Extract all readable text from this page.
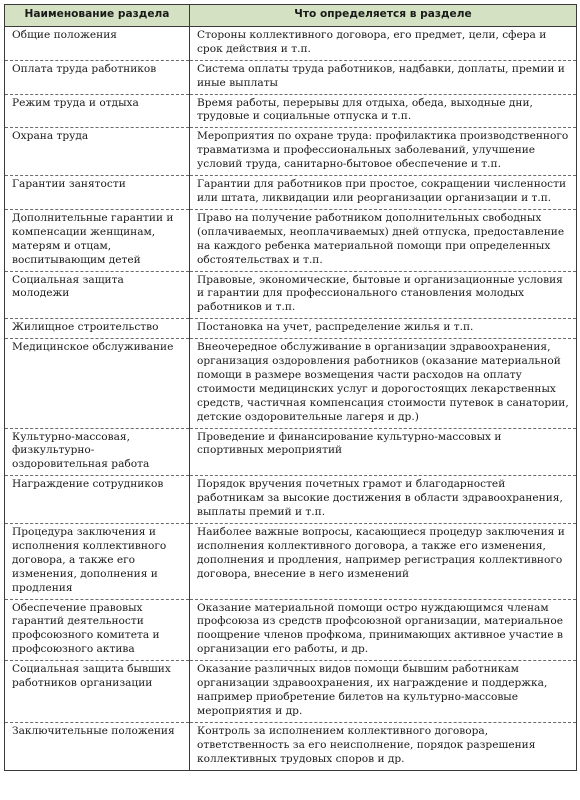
Наименование раздела	Что определяется в разделе
Общие положения	Стороны коллективного договора, его предмет, цели, сфера и срок действия и т.п.
Оплата труда работников	Система оплаты труда работников, надбавки, доплаты, премии и иные выплаты
Режим труда и отдыха	Время работы, перерывы для отдыха, обеда, выходные дни, трудовые и социальные отпуска и т.п.
Охрана труда	Мероприятия по охране труда: профилактика производственного травматизма и профессиональных заболеваний, улучшение условий труда, санитарно-бытовое обеспечение и т.п.
Гарантии занятости	Гарантии для работников при простое, сокращении численности или штата, ликвидации или реорганизации организации и т.п.
Дополнительные гарантии и компенсации женщинам, матерям и отцам, воспитывающим детей	Право на получение работником дополнительных свободных (оплачиваемых, неоплачиваемых) дней отпуска, предоставление на каждого ребенка материальной помощи при определенных обстоятельствах и т.п.
Социальная защита молодежи	Правовые, экономические, бытовые и организационные условия и гарантии для профессионального становления молодых работников и т.п.
Жилищное строительство	Постановка на учет, распределение жилья и т.п.
Медицинское обслуживание	Внеочередное обслуживание в организации здравоохранения, организация оздоровления работников (оказание материальной помощи в размере возмещения части расходов на оплату стоимости медицинских услуг и дорогостоящих лекарственных средств, частичная компенсация стоимости путевок в санатории, детские оздоровительные лагеря и др.)
Культурно-массовая, физкультурно-оздоровительная работа	Проведение и финансирование культурно-массовых и спортивных мероприятий
Награждение сотрудников	Порядок вручения почетных грамот и благодарностей работникам за высокие достижения в области здравоохранения, выплаты премий и т.п.
Процедура заключения и исполнения коллективного договора, а также его изменения, дополнения и продления	Наиболее важные вопросы, касающиеся процедур заключения и исполнения коллективного договора, а также его изменения, дополнения и продления, например регистрация коллективного договора, внесение в него изменений
Обеспечение правовых гарантий деятельности профсоюзного комитета и профсоюзного актива	Оказание материальной помощи остро нуждающимся членам профсоюза из средств профсоюзной организации, материальное поощрение членов профкома, принимающих активное участие в организации его работы, и др.
Социальная защита бывших работников организации	Оказание различных видов помощи бывшим работникам организации здравоохранения, их награждение и поддержка, например приобретение билетов на культурно-массовые мероприятия и др.
Заключительные положения	Контроль за исполнением коллективного договора, ответственность за его неисполнение, порядок разрешения коллективных трудовых споров и др.
